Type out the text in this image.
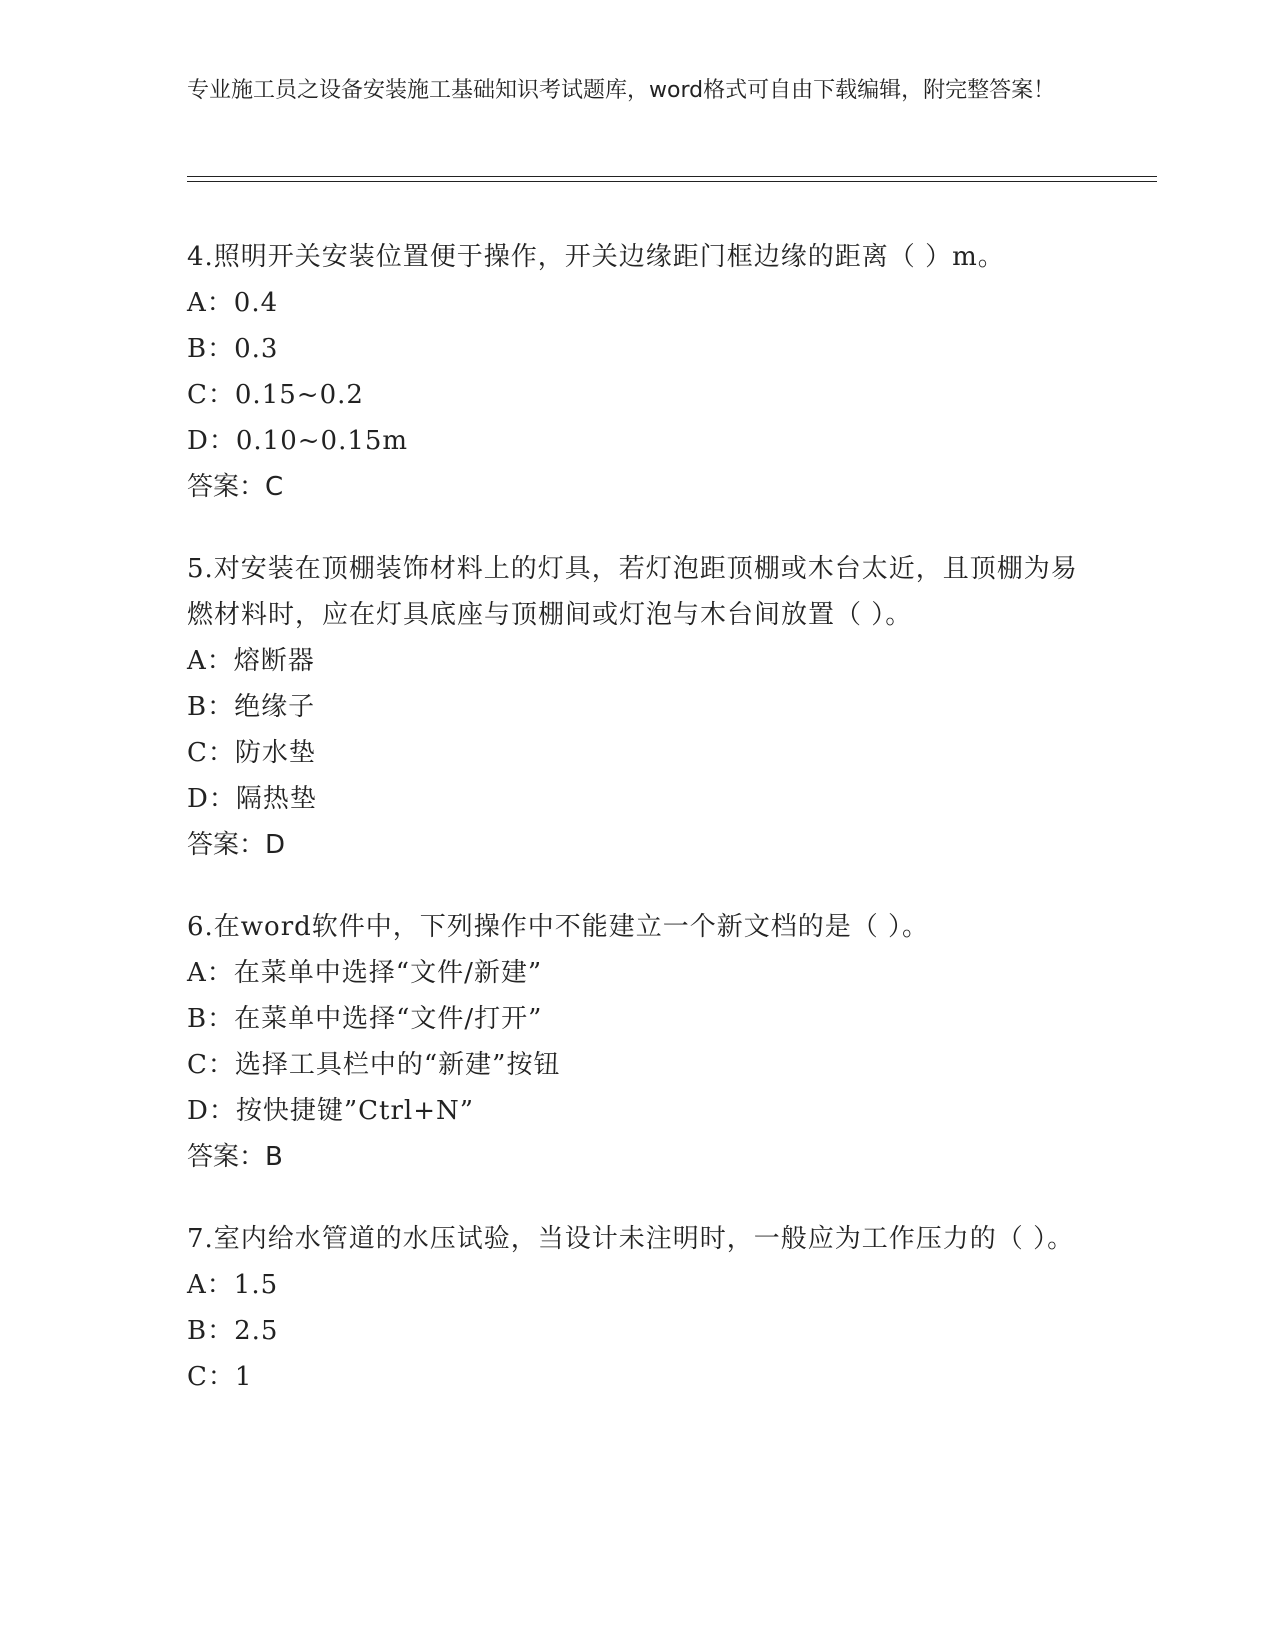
专业施工员之设备安装施工基础知识考试题库，word格式可自由下载编辑，附完整答案！
4.照明开关安装位置便于操作，开关边缘距门框边缘的距离（ ）m。
A：0.4
B：0.3
C：0.15~0.2
D：0.10~0.15m
答案：C
5.对安装在顶棚装饰材料上的灯具，若灯泡距顶棚或木台太近，且顶棚为易燃材料时，应在灯具底座与顶棚间或灯泡与木台间放置（ ）。
A：熔断器
B：绝缘子
C：防水垫
D：隔热垫
答案：D
6.在word软件中，下列操作中不能建立一个新文档的是（ ）。
A：在菜单中选择“文件/新建”
B：在菜单中选择“文件/打开”
C：选择工具栏中的“新建”按钮
D：按快捷键”Ctrl+N”
答案：B
7.室内给水管道的水压试验，当设计未注明时，一般应为工作压力的（ ）。
A：1.5
B：2.5
C：1
